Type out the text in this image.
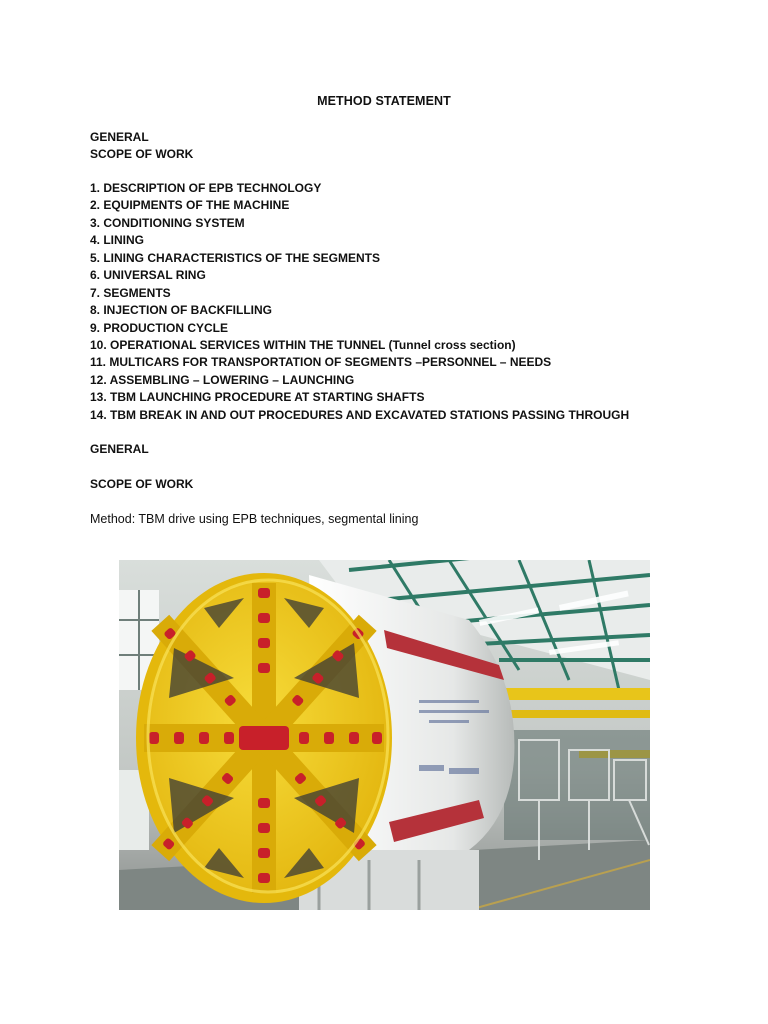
METHOD STATEMENT
GENERAL
SCOPE OF WORK
1. DESCRIPTION OF EPB TECHNOLOGY
2. EQUIPMENTS OF THE MACHINE
3. CONDITIONING SYSTEM
4. LINING
5. LINING CHARACTERISTICS OF THE SEGMENTS
6. UNIVERSAL RING
7. SEGMENTS
8. INJECTION OF BACKFILLING
9. PRODUCTION CYCLE
10. OPERATIONAL SERVICES WITHIN THE TUNNEL (Tunnel cross section)
11. MULTICARS FOR TRANSPORTATION OF SEGMENTS –PERSONNEL – NEEDS
12. ASSEMBLING – LOWERING – LAUNCHING
13. TBM LAUNCHING PROCEDURE AT STARTING SHAFTS
14. TBM BREAK IN AND OUT PROCEDURES AND EXCAVATED STATIONS PASSING THROUGH
GENERAL
SCOPE OF WORK
Method: TBM drive using EPB techniques, segmental lining
